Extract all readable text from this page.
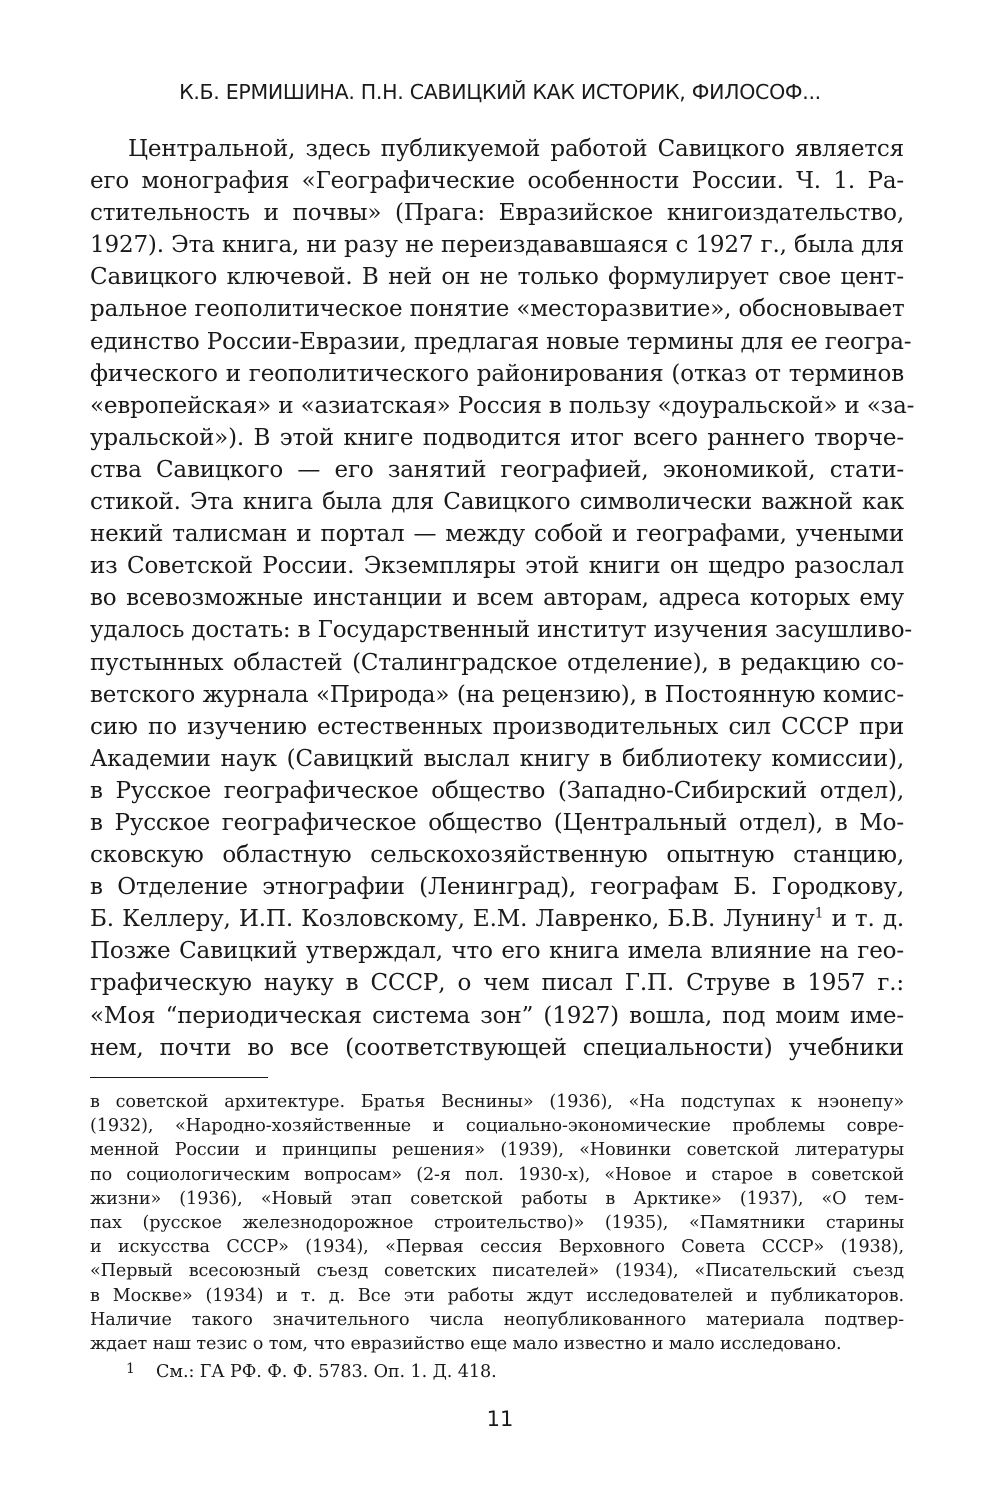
К.Б. ЕРМИШИНА. П.Н. САВИЦКИЙ КАК ИСТОРИК, ФИЛОСОФ...
Центральной, здесь публикуемой работой Савицкого является
его монография «Географические особенности России. Ч. 1. Ра-
стительность и почвы» (Прага: Евразийское книгоиздательство,
1927). Эта книга, ни разу не переиздававшаяся с 1927 г., была для
Савицкого ключевой. В ней он не только формулирует свое цент-
ральное геополитическое понятие «месторазвитие», обосновывает
единство России-Евразии, предлагая новые термины для ее геогра-
фического и геополитического районирования (отказ от терминов
«европейская» и «азиатская» Россия в пользу «доуральской» и «за-
уральской»). В этой книге подводится итог всего раннего творче-
ства Савицкого — его занятий географией, экономикой, стати-
стикой. Эта книга была для Савицкого символически важной как
некий талисман и портал — между собой и географами, учеными
из Советской России. Экземпляры этой книги он щедро разослал
во всевозможные инстанции и всем авторам, адреса которых ему
удалось достать: в Государственный институт изучения засушливо-
пустынных областей (Сталинградское отделение), в редакцию со-
ветского журнала «Природа» (на рецензию), в Постоянную комис-
сию по изучению естественных производительных сил СССР при
Академии наук (Савицкий выслал книгу в библиотеку комиссии),
в Русское географическое общество (Западно-Сибирский отдел),
в Русское географическое общество (Центральный отдел), в Мо-
сковскую областную сельскохозяйственную опытную станцию,
в Отделение этнографии (Ленинград), географам Б. Городкову,
Б. Келлеру, И.П. Козловскому, Е.М. Лавренко, Б.В. Лунину$^1$ и т. д.
Позже Савицкий утверждал, что его книга имела влияние на гео-
графическую науку в СССР, о чем писал Г.П. Струве в 1957 г.:
«Моя “периодическая система зон” (1927) вошла, под моим име-
нем, почти во все (соответствующей специальности) учебники
в советской архитектуре. Братья Веснины» (1936), «На подступах к нэонепу»
(1932), «Народно-хозяйственные и социально-экономические проблемы совре-
менной России и принципы решения» (1939), «Новинки советской литературы
по социологическим вопросам» (2-я пол. 1930-х), «Новое и старое в советской
жизни» (1936), «Новый этап советской работы в Арктике» (1937), «О тем-
пах (русское железнодорожное строительство)» (1935), «Памятники старины
и искусства СССР» (1934), «Первая сессия Верховного Совета СССР» (1938),
«Первый всесоюзный съезд советских писателей» (1934), «Писательский съезд
в Москве» (1934) и т. д. Все эти работы ждут исследователей и публикаторов.
Наличие такого значительного числа неопубликованного материала подтвер-
ждает наш тезис о том, что евразийство еще мало известно и мало исследовано.
1 См.: ГА РФ. Ф. Ф. 5783. Оп. 1. Д. 418.
11
